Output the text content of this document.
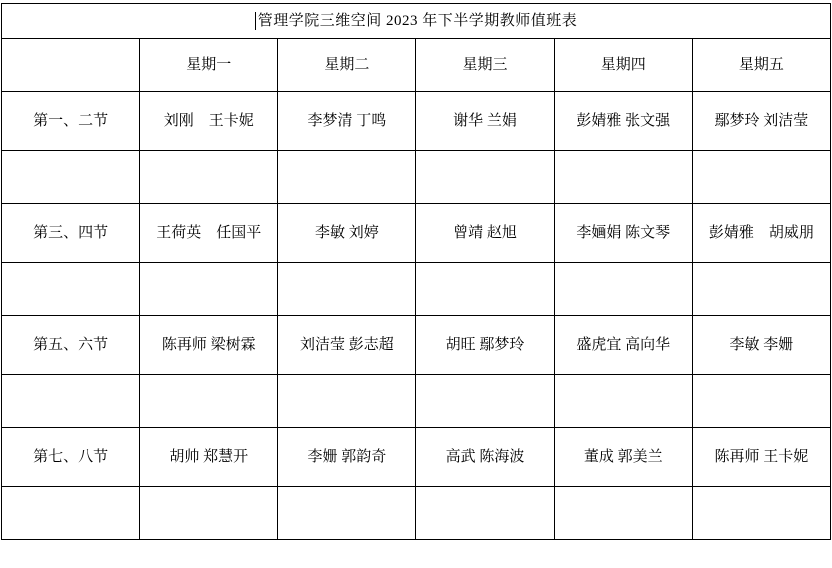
管理学院三维空间 2023 年下半学期教师值班表					
	星期一	星期二	星期三	星期四	星期五
第一、二节	刘刚　王卡妮	李梦清 丁鸣	谢华 兰娟	彭婧雅 张文强	鄢梦玲 刘洁莹

第三、四节	王荷英　任国平	李敏 刘婷	曾靖 赵旭	李婳娟 陈文琴	彭婧雅　胡威朋

第五、六节	陈再师 梁树霖	刘洁莹 彭志超	胡旺 鄢梦玲	盛虎宜 高向华	李敏 李姗

第七、八节	胡帅 郑慧开	李姗 郭韵奇	高武 陈海波	董成 郭美兰	陈再师 王卡妮
